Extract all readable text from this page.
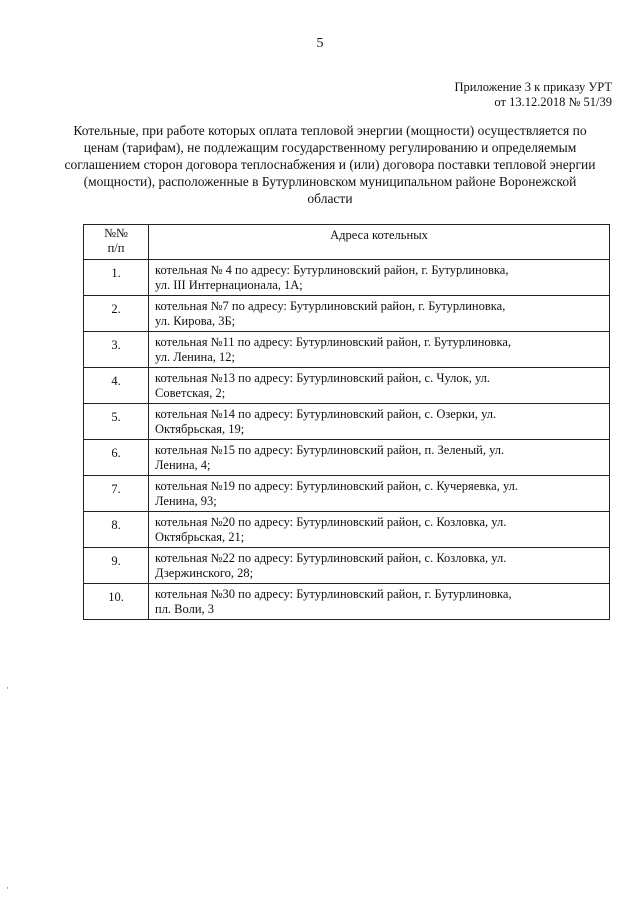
5
Приложение 3 к приказу УРТ
от 13.12.2018 № 51/39
Котельные, при работе которых оплата тепловой энергии (мощности) осуществляется по ценам (тарифам), не подлежащим государственному регулированию и определяемым соглашением сторон договора теплоснабжения и (или) договора поставки тепловой энергии (мощности), расположенные в Бутурлиновском муниципальном районе Воронежской области
№№
п/п	Адреса котельных
1.	котельная № 4 по адресу: Бутурлиновский район, г. Бутурлиновка,
ул. III Интернационала, 1А;

2.	котельная №7 по адресу: Бутурлиновский район, г. Бутурлиновка,
ул. Кирова, 3Б;

3.	котельная №11 по адресу: Бутурлиновский район, г. Бутурлиновка,
ул. Ленина, 12;

4.	котельная №13 по адресу: Бутурлиновский район, с. Чулок, ул.
Советская, 2;

5.	котельная №14 по адресу: Бутурлиновский район, с. Озерки, ул.
Октябрьская, 19;

6.	котельная №15 по адресу: Бутурлиновский район, п. Зеленый, ул.
Ленина, 4;

7.	котельная №19 по адресу: Бутурлиновский район, с. Кучеряевка, ул.
Ленина, 93;

8.	котельная №20 по адресу: Бутурлиновский район, с. Козловка, ул.
Октябрьская, 21;

9.	котельная №22 по адресу: Бутурлиновский район, с. Козловка, ул.
Дзержинского, 28;

10.	котельная №30 по адресу: Бутурлиновский район, г. Бутурлиновка,
пл. Воли, 3
·
·
